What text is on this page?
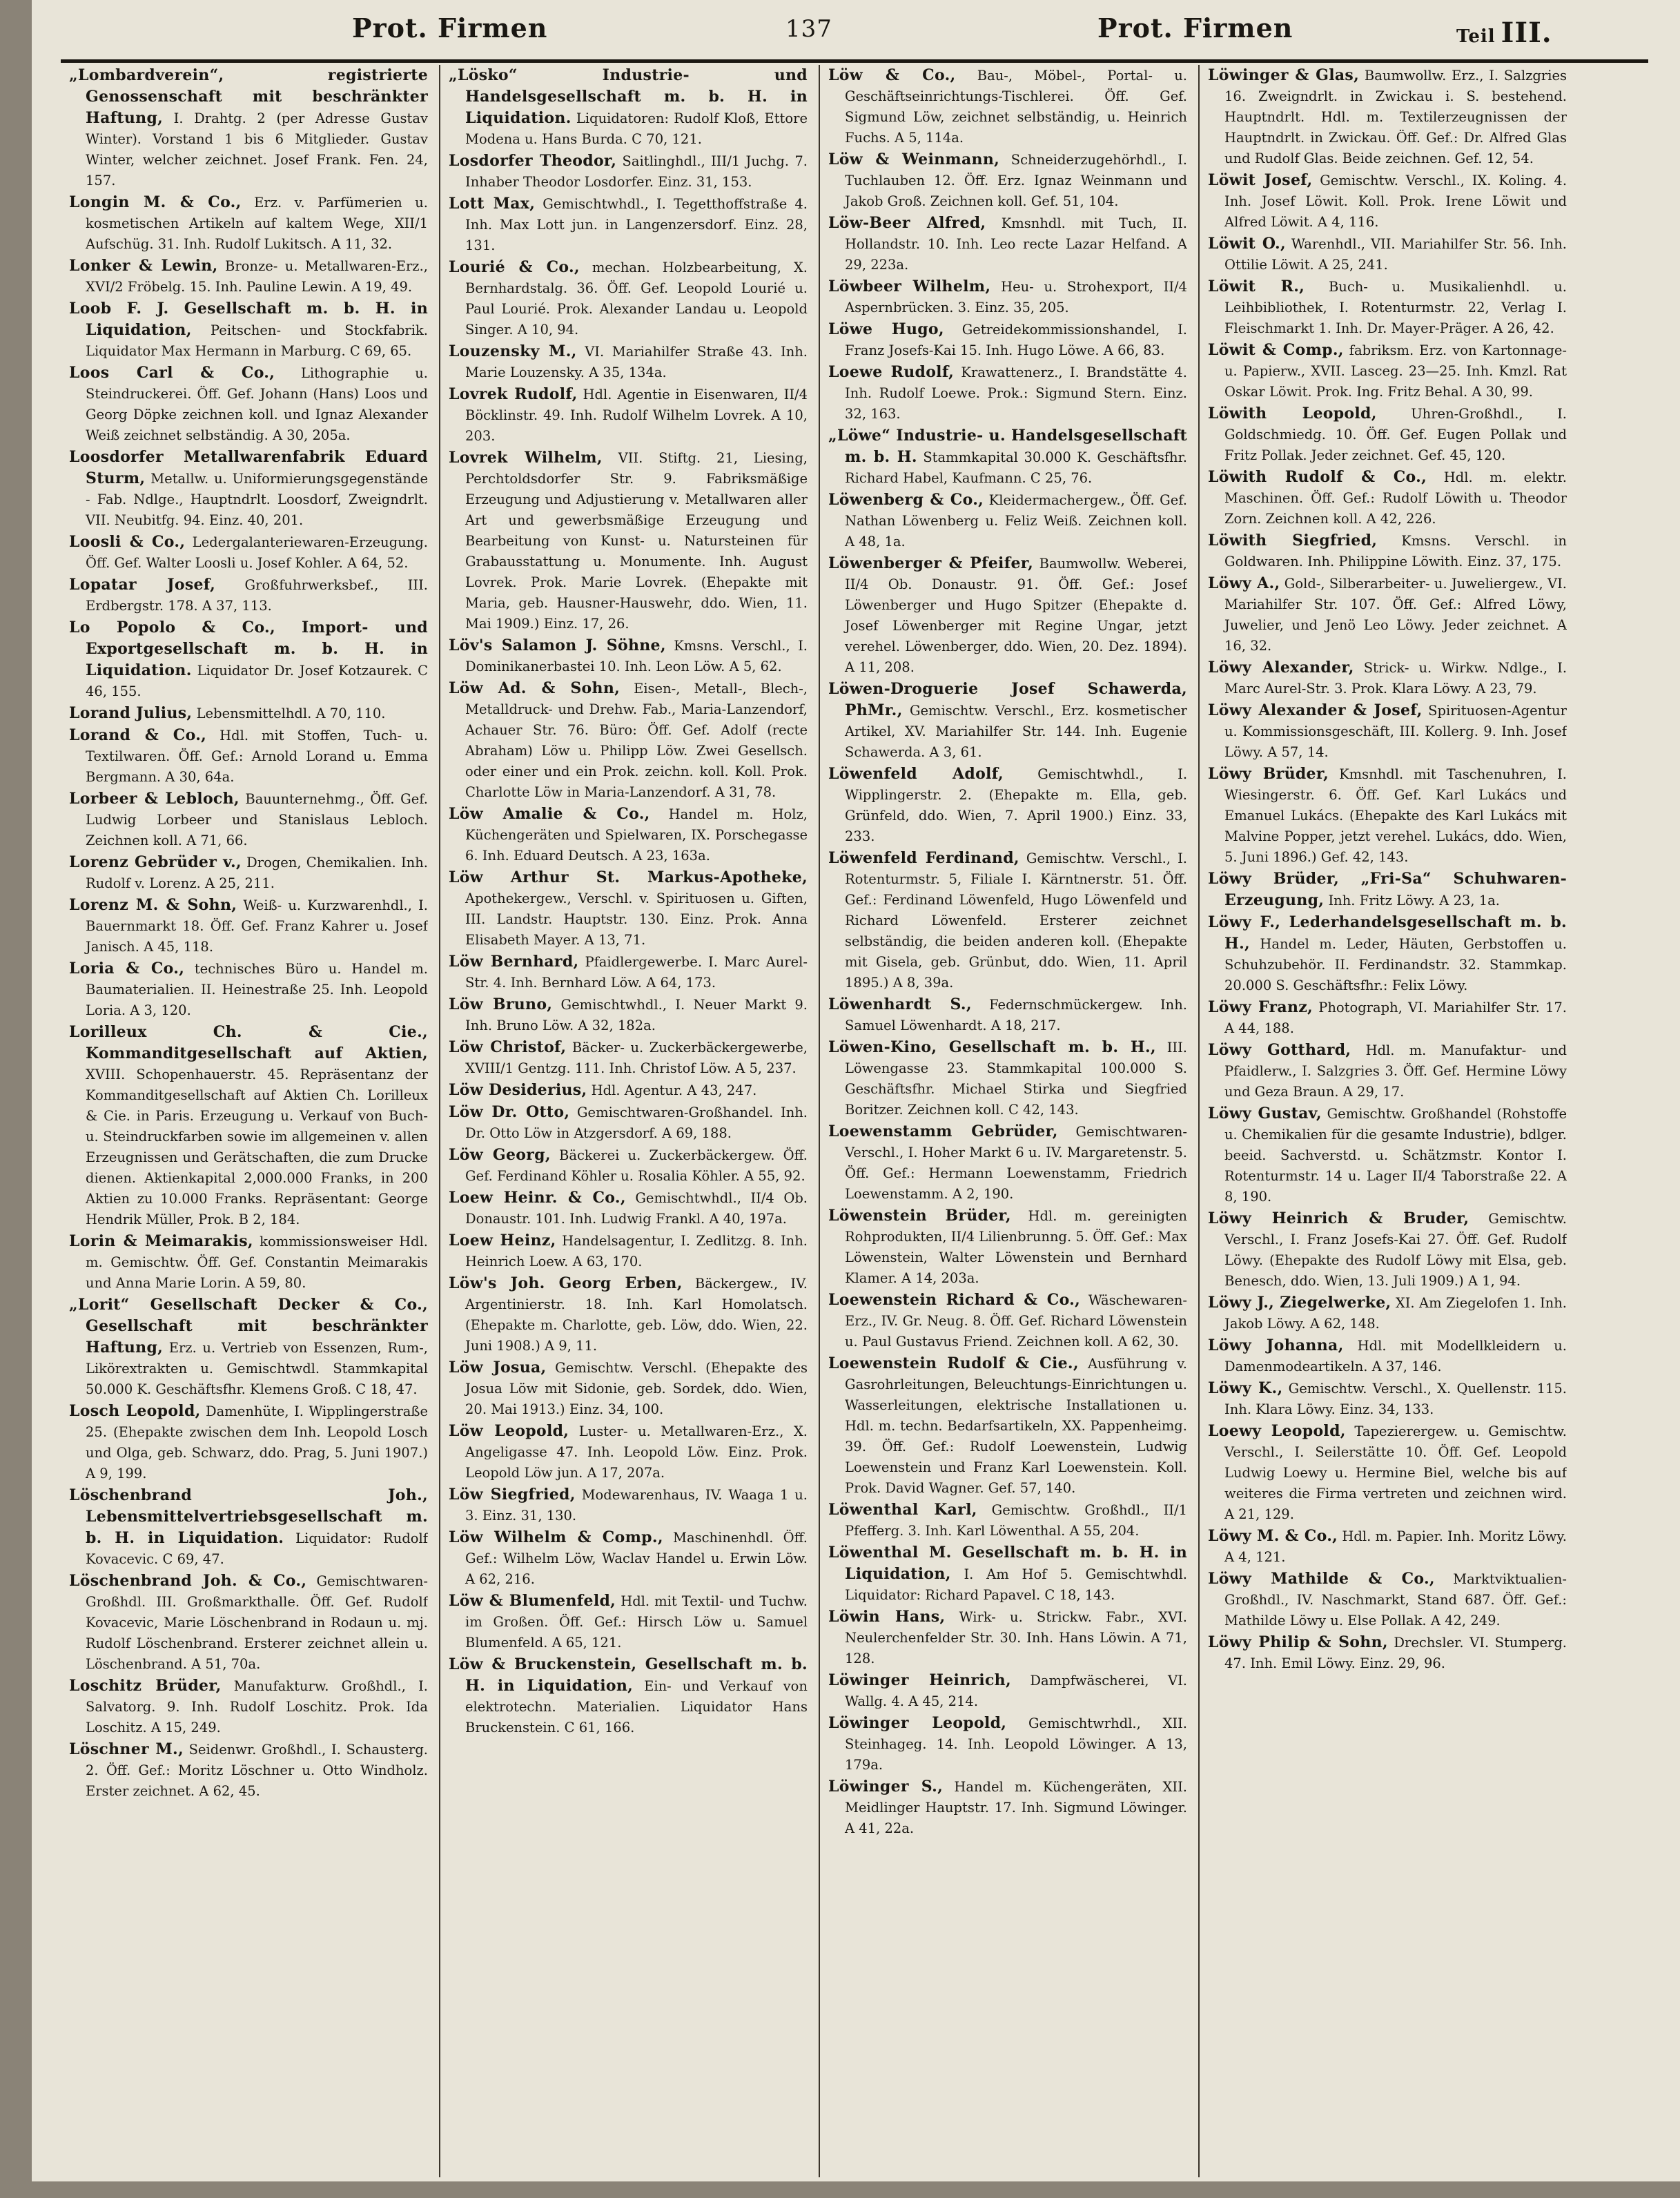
Prot. Firmen	137	Prot. Firmen	Teil III.

„Lombardverein“, registrierte Genossenschaft mit beschränkter Haftung, I. Drahtg. 2 (per Adresse Gustav Winter). Vorstand 1 bis 6 Mitglieder. Gustav Winter, welcher zeichnet. Josef Frank. Fen. 24, 157.

Longin M. & Co., Erz. v. Parfümerien u. kosmetischen Artikeln auf kaltem Wege, XII/1 Aufschüg. 31. Inh. Rudolf Lukitsch. A 11, 32.

Lonker & Lewin, Bronze- u. Metallwaren-Erz., XVI/2 Fröbelg. 15. Inh. Pauline Lewin. A 19, 49.

Loob F. J. Gesellschaft m. b. H. in Liquidation, Peitschen- und Stockfabrik. Liquidator Max Hermann in Marburg. C 69, 65.

Loos Carl & Co., Lithographie u. Steindruckerei. Öff. Gef. Johann (Hans) Loos und Georg Döpke zeichnen koll. und Ignaz Alexander Weiß zeichnet selbständig. A 30, 205a.

Loosdorfer Metallwarenfabrik Eduard Sturm, Metallw. u. Uniformierungsgegenstände - Fab. Ndlge., Hauptndrlt. Loosdorf, Zweigndrlt. VII. Neubitfg. 94. Einz. 40, 201.

Loosli & Co., Ledergalanteriewaren-Erzeugung. Öff. Gef. Walter Loosli u. Josef Kohler. A 64, 52.

Lopatar Josef, Großfuhrwerksbef., III. Erdbergstr. 178. A 37, 113.

Lo Popolo & Co., Import- und Exportgesellschaft m. b. H. in Liquidation. Liquidator Dr. Josef Kotzaurek. C 46, 155.

Lorand Julius, Lebensmittelhdl. A 70, 110.

Lorand & Co., Hdl. mit Stoffen, Tuch- u. Textilwaren. Öff. Gef.: Arnold Lorand u. Emma Bergmann. A 30, 64a.

Lorbeer & Lebloch, Bauunternehmg., Öff. Gef. Ludwig Lorbeer und Stanislaus Lebloch. Zeichnen koll. A 71, 66.

Lorenz Gebrüder v., Drogen, Chemikalien. Inh. Rudolf v. Lorenz. A 25, 211.

Lorenz M. & Sohn, Weiß- u. Kurzwarenhdl., I. Bauernmarkt 18. Öff. Gef. Franz Kahrer u. Josef Janisch. A 45, 118.

Loria & Co., technisches Büro u. Handel m. Baumaterialien. II. Heinestraße 25. Inh. Leopold Loria. A 3, 120.

Lorilleux Ch. & Cie., Kommanditgesellschaft auf Aktien, XVIII. Schopenhauerstr. 45. Repräsentanz der Kommanditgesellschaft auf Aktien Ch. Lorilleux & Cie. in Paris. Erzeugung u. Verkauf von Buch- u. Steindruckfarben sowie im allgemeinen v. allen Erzeugnissen und Gerätschaften, die zum Drucke dienen. Aktienkapital 2,000.000 Franks, in 200 Aktien zu 10.000 Franks. Repräsentant: George Hendrik Müller, Prok. B 2, 184.

Lorin & Meimarakis, kommissionsweiser Hdl. m. Gemischtw. Öff. Gef. Constantin Meimarakis und Anna Marie Lorin. A 59, 80.

„Lorit“ Gesellschaft Decker & Co., Gesellschaft mit beschränkter Haftung, Erz. u. Vertrieb von Essenzen, Rum-, Likörextrakten u. Gemischtwdl. Stammkapital 50.000 K. Geschäftsfhr. Klemens Groß. C 18, 47.

Losch Leopold, Damenhüte, I. Wipplingerstraße 25. (Ehepakte zwischen dem Inh. Leopold Losch und Olga, geb. Schwarz, ddo. Prag, 5. Juni 1907.) A 9, 199.

Löschenbrand Joh., Lebensmittelvertriebsgesellschaft m. b. H. in Liquidation. Liquidator: Rudolf Kovacevic. C 69, 47.

Löschenbrand Joh. & Co., Gemischtwaren-Großhdl. III. Großmarkthalle. Öff. Gef. Rudolf Kovacevic, Marie Löschenbrand in Rodaun u. mj. Rudolf Löschenbrand. Ersterer zeichnet allein u. Löschenbrand. A 51, 70a.

Loschitz Brüder, Manufakturw. Großhdl., I. Salvatorg. 9. Inh. Rudolf Loschitz. Prok. Ida Loschitz. A 15, 249.

Löschner M., Seidenwr. Großhdl., I. Schausterg. 2. Öff. Gef.: Moritz Löschner u. Otto Windholz. Erster zeichnet. A 62, 45.

„Lösko“ Industrie- und Handelsgesellschaft m. b. H. in Liquidation. Liquidatoren: Rudolf Kloß, Ettore Modena u. Hans Burda. C 70, 121.

Losdorfer Theodor, Saitlinghdl., III/1 Juchg. 7. Inhaber Theodor Losdorfer. Einz. 31, 153.

Lott Max, Gemischtwhdl., I. Tegetthoffstraße 4. Inh. Max Lott jun. in Langenzersdorf. Einz. 28, 131.

Lourié & Co., mechan. Holzbearbeitung, X. Bernhardstalg. 36. Öff. Gef. Leopold Lourié u. Paul Lourié. Prok. Alexander Landau u. Leopold Singer. A 10, 94.

Louzensky M., VI. Mariahilfer Straße 43. Inh. Marie Louzensky. A 35, 134a.

Lovrek Rudolf, Hdl. Agentie in Eisenwaren, II/4 Böcklinstr. 49. Inh. Rudolf Wilhelm Lovrek. A 10, 203.

Lovrek Wilhelm, VII. Stiftg. 21, Liesing, Perchtoldsdorfer Str. 9. Fabriksmäßige Erzeugung und Adjustierung v. Metallwaren aller Art und gewerbsmäßige Erzeugung und Bearbeitung von Kunst- u. Natursteinen für Grabausstattung u. Monumente. Inh. August Lovrek. Prok. Marie Lovrek. (Ehepakte mit Maria, geb. Hausner-Hauswehr, ddo. Wien, 11. Mai 1909.) Einz. 17, 26.

Löv's Salamon J. Söhne, Kmsns. Verschl., I. Dominikanerbastei 10. Inh. Leon Löw. A 5, 62.

Löw Ad. & Sohn, Eisen-, Metall-, Blech-, Metalldruck- und Drehw. Fab., Maria-Lanzendorf, Achauer Str. 76. Büro: Öff. Gef. Adolf (recte Abraham) Löw u. Philipp Löw. Zwei Gesellsch. oder einer und ein Prok. zeichn. koll. Koll. Prok. Charlotte Löw in Maria-Lanzendorf. A 31, 78.

Löw Amalie & Co., Handel m. Holz, Küchengeräten und Spielwaren, IX. Porschegasse 6. Inh. Eduard Deutsch. A 23, 163a.

Löw Arthur St. Markus-Apotheke, Apothekergew., Verschl. v. Spirituosen u. Giften, III. Landstr. Hauptstr. 130. Einz. Prok. Anna Elisabeth Mayer. A 13, 71.

Löw Bernhard, Pfaidlergewerbe. I. Marc Aurel-Str. 4. Inh. Bernhard Löw. A 64, 173.

Löw Bruno, Gemischtwhdl., I. Neuer Markt 9. Inh. Bruno Löw. A 32, 182a.

Löw Christof, Bäcker- u. Zuckerbäckergewerbe, XVIII/1 Gentzg. 111. Inh. Christof Löw. A 5, 237.

Löw Desiderius, Hdl. Agentur. A 43, 247.

Löw Dr. Otto, Gemischtwaren-Großhandel. Inh. Dr. Otto Löw in Atzgersdorf. A 69, 188.

Löw Georg, Bäckerei u. Zuckerbäckergew. Öff. Gef. Ferdinand Köhler u. Rosalia Köhler. A 55, 92.

Loew Heinr. & Co., Gemischtwhdl., II/4 Ob. Donaustr. 101. Inh. Ludwig Frankl. A 40, 197a.

Loew Heinz, Handelsagentur, I. Zedlitzg. 8. Inh. Heinrich Loew. A 63, 170.

Löw's Joh. Georg Erben, Bäckergew., IV. Argentinierstr. 18. Inh. Karl Homolatsch. (Ehepakte m. Charlotte, geb. Löw, ddo. Wien, 22. Juni 1908.) A 9, 11.

Löw Josua, Gemischtw. Verschl. (Ehepakte des Josua Löw mit Sidonie, geb. Sordek, ddo. Wien, 20. Mai 1913.) Einz. 34, 100.

Löw Leopold, Luster- u. Metallwaren-Erz., X. Angeligasse 47. Inh. Leopold Löw. Einz. Prok. Leopold Löw jun. A 17, 207a.

Löw Siegfried, Modewarenhaus, IV. Waaga 1 u. 3. Einz. 31, 130.

Löw Wilhelm & Comp., Maschinenhdl. Öff. Gef.: Wilhelm Löw, Waclav Handel u. Erwin Löw. A 62, 216.

Löw & Blumenfeld, Hdl. mit Textil- und Tuchw. im Großen. Öff. Gef.: Hirsch Löw u. Samuel Blumenfeld. A 65, 121.

Löw & Bruckenstein, Gesellschaft m. b. H. in Liquidation, Ein- und Verkauf von elektrotechn. Materialien. Liquidator Hans Bruckenstein. C 61, 166.

Löw & Co., Bau-, Möbel-, Portal- u. Geschäftseinrichtungs-Tischlerei. Öff. Gef. Sigmund Löw, zeichnet selbständig, u. Heinrich Fuchs. A 5, 114a.

Löw & Weinmann, Schneiderzugehörhdl., I. Tuchlauben 12. Öff. Erz. Ignaz Weinmann und Jakob Groß. Zeichnen koll. Gef. 51, 104.

Löw-Beer Alfred, Kmsnhdl. mit Tuch, II. Hollandstr. 10. Inh. Leo recte Lazar Helfand. A 29, 223a.

Löwbeer Wilhelm, Heu- u. Strohexport, II/4 Aspernbrücken. 3. Einz. 35, 205.

Löwe Hugo, Getreidekommissionshandel, I. Franz Josefs-Kai 15. Inh. Hugo Löwe. A 66, 83.

Loewe Rudolf, Krawattenerz., I. Brandstätte 4. Inh. Rudolf Loewe. Prok.: Sigmund Stern. Einz. 32, 163.

„Löwe“ Industrie- u. Handelsgesellschaft m. b. H. Stammkapital 30.000 K. Geschäftsfhr. Richard Habel, Kaufmann. C 25, 76.

Löwenberg & Co., Kleidermachergew., Öff. Gef. Nathan Löwenberg u. Feliz Weiß. Zeichnen koll. A 48, 1a.

Löwenberger & Pfeifer, Baumwollw. Weberei, II/4 Ob. Donaustr. 91. Öff. Gef.: Josef Löwenberger und Hugo Spitzer (Ehepakte d. Josef Löwenberger mit Regine Ungar, jetzt verehel. Löwenberger, ddo. Wien, 20. Dez. 1894). A 11, 208.

Löwen-Droguerie Josef Schawerda, PhMr., Gemischtw. Verschl., Erz. kosmetischer Artikel, XV. Mariahilfer Str. 144. Inh. Eugenie Schawerda. A 3, 61.

Löwenfeld Adolf,	Gemischtwhdl., I. Wipplingerstr. 2. (Ehepakte m. Ella, geb. Grünfeld, ddo. Wien, 7. April 1900.) Einz. 33, 233.

Löwenfeld Ferdinand, Gemischtw. Verschl., I. Rotenturmstr. 5, Filiale I. Kärntnerstr. 51. Öff. Gef.: Ferdinand Löwenfeld, Hugo Löwenfeld und Richard Löwenfeld. Ersterer zeichnet selbständig, die beiden anderen koll. (Ehepakte mit Gisela, geb. Grünbut, ddo. Wien, 11. April 1895.) A 8, 39a.

Löwenhardt S., Federnschmückergew. Inh. Samuel Löwenhardt. A 18, 217.

Löwen-Kino, Gesellschaft m. b. H., III. Löwengasse 23. Stammkapital 100.000 S. Geschäftsfhr. Michael Stirka und Siegfried Boritzer. Zeichnen koll. C 42, 143.

Loewenstamm Gebrüder, Gemischtwaren-Verschl., I. Hoher Markt 6 u. IV. Margaretenstr. 5. Öff. Gef.: Hermann Loewenstamm, Friedrich Loewenstamm. A 2, 190.

Löwenstein Brüder, Hdl. m. gereinigten Rohprodukten, II/4 Lilienbrunng. 5. Öff. Gef.: Max Löwenstein, Walter Löwenstein und Bernhard Klamer. A 14, 203a.

Loewenstein Richard & Co., Wäschewaren-Erz., IV. Gr. Neug. 8. Öff. Gef. Richard Löwenstein u. Paul Gustavus Friend. Zeichnen koll. A 62, 30.

Loewenstein Rudolf & Cie., Ausführung v. Gasrohrleitungen, Beleuchtungs-Einrichtungen u. Wasserleitungen, elektrische Installationen u. Hdl. m. techn. Bedarfsartikeln, XX. Pappenheimg. 39. Öff. Gef.: Rudolf Loewenstein, Ludwig Loewenstein und Franz Karl Loewenstein. Koll. Prok. David Wagner. Gef. 57, 140.

Löwenthal Karl, Gemischtw. Großhdl., II/1 Pfefferg. 3. Inh. Karl Löwenthal. A 55, 204.

Löwenthal M. Gesellschaft m. b. H. in Liquidation, I. Am Hof 5. Gemischtwhdl. Liquidator: Richard Papavel. C 18, 143.

Löwin Hans, Wirk- u. Strickw. Fabr., XVI. Neulerchenfelder Str. 30. Inh. Hans Löwin. A 71, 128.

Löwinger Heinrich, Dampfwäscherei, VI. Wallg. 4. A 45, 214.

Löwinger Leopold, Gemischtwrhdl., XII. Steinhageg. 14. Inh. Leopold Löwinger. A 13, 179a.

Löwinger S., Handel m. Küchengeräten, XII. Meidlinger Hauptstr. 17. Inh. Sigmund Löwinger. A 41, 22a.

Löwinger & Glas, Baumwollw. Erz., I. Salzgries 16. Zweigndrlt. in Zwickau i. S. bestehend. Hauptndrlt. Hdl. m. Textilerzeugnissen der Hauptndrlt. in Zwickau. Öff. Gef.: Dr. Alfred Glas und Rudolf Glas. Beide zeichnen. Gef. 12, 54.

Löwit Josef, Gemischtw. Verschl., IX. Koling. 4. Inh. Josef Löwit. Koll. Prok. Irene Löwit und Alfred Löwit. A 4, 116.

Löwit O., Warenhdl., VII. Mariahilfer Str. 56. Inh. Ottilie Löwit. A 25, 241.

Löwit R., Buch- u. Musikalienhdl. u. Leihbibliothek, I. Rotenturmstr. 22, Verlag I. Fleischmarkt 1. Inh. Dr. Mayer-Präger. A 26, 42.

Löwit & Comp., fabriksm. Erz. von Kartonnage- u. Papierw., XVII. Lasceg. 23—25. Inh. Kmzl. Rat Oskar Löwit. Prok. Ing. Fritz Behal. A 30, 99.

Löwith Leopold,	Uhren-Großhdl., I. Goldschmiedg. 10. Öff. Gef. Eugen Pollak und Fritz Pollak. Jeder zeichnet. Gef. 45, 120.

Löwith Rudolf & Co., Hdl. m. elektr. Maschinen. Öff. Gef.: Rudolf Löwith u. Theodor Zorn. Zeichnen koll. A 42, 226.

Löwith Siegfried, Kmsns. Verschl. in Goldwaren. Inh. Philippine Löwith. Einz. 37, 175.

Löwy A., Gold-, Silberarbeiter- u. Juweliergew., VI. Mariahilfer Str. 107. Öff. Gef.: Alfred Löwy, Juwelier, und Jenö Leo Löwy. Jeder zeichnet. A 16, 32.

Löwy Alexander, Strick- u. Wirkw. Ndlge., I. Marc Aurel-Str. 3. Prok. Klara Löwy. A 23, 79.

Löwy Alexander & Josef, Spirituosen-Agentur u. Kommissionsgeschäft, III. Kollerg. 9. Inh. Josef Löwy. A 57, 14.

Löwy Brüder, Kmsnhdl. mit Taschenuhren, I. Wiesingerstr. 6. Öff. Gef. Karl Lukács und Emanuel Lukács. (Ehepakte des Karl Lukács mit Malvine Popper, jetzt verehel. Lukács, ddo. Wien, 5. Juni 1896.) Gef. 42, 143.

Löwy Brüder, „Fri-Sa“ Schuhwaren-Erzeugung, Inh. Fritz Löwy. A 23, 1a.

Löwy F., Lederhandelsgesellschaft m. b. H., Handel m. Leder, Häuten, Gerbstoffen u. Schuhzubehör. II. Ferdinandstr. 32. Stammkap. 20.000 S. Geschäftsfhr.: Felix Löwy.

Löwy Franz, Photograph, VI. Mariahilfer Str. 17. A 44, 188.

Löwy Gotthard, Hdl. m. Manufaktur- und Pfaidlerw., I. Salzgries 3. Öff. Gef. Hermine Löwy und Geza Braun. A 29, 17.

Löwy Gustav, Gemischtw. Großhandel (Rohstoffe u. Chemikalien für die gesamte Industrie), bdlger. beeid. Sachverstd. u. Schätzmstr. Kontor I. Rotenturmstr. 14 u. Lager II/4 Taborstraße 22. A 8, 190.

Löwy Heinrich & Bruder, Gemischtw. Verschl., I. Franz Josefs-Kai 27. Öff. Gef. Rudolf Löwy. (Ehepakte des Rudolf Löwy mit Elsa, geb. Benesch, ddo. Wien, 13. Juli 1909.) A 1, 94.

Löwy J., Ziegelwerke, XI. Am Ziegelofen 1. Inh. Jakob Löwy. A 62, 148.

Löwy Johanna, Hdl. mit Modellkleidern u. Damenmodeartikeln. A 37, 146.

Löwy K., Gemischtw. Verschl., X. Quellenstr. 115. Inh. Klara Löwy. Einz. 34, 133.

Loewy Leopold, Tapezierergew. u. Gemischtw. Verschl., I. Seilerstätte 10. Öff. Gef. Leopold Ludwig Loewy u. Hermine Biel, welche bis auf weiteres die Firma vertreten und zeichnen wird. A 21, 129.

Löwy M. & Co., Hdl. m. Papier. Inh. Moritz Löwy. A 4, 121.

Löwy Mathilde & Co., Marktviktualien-Großhdl., IV. Naschmarkt, Stand 687. Öff. Gef.: Mathilde Löwy u. Else Pollak. A 42, 249.

Löwy Philip & Sohn, Drechsler. VI. Stumperg. 47. Inh. Emil Löwy. Einz. 29, 96.
